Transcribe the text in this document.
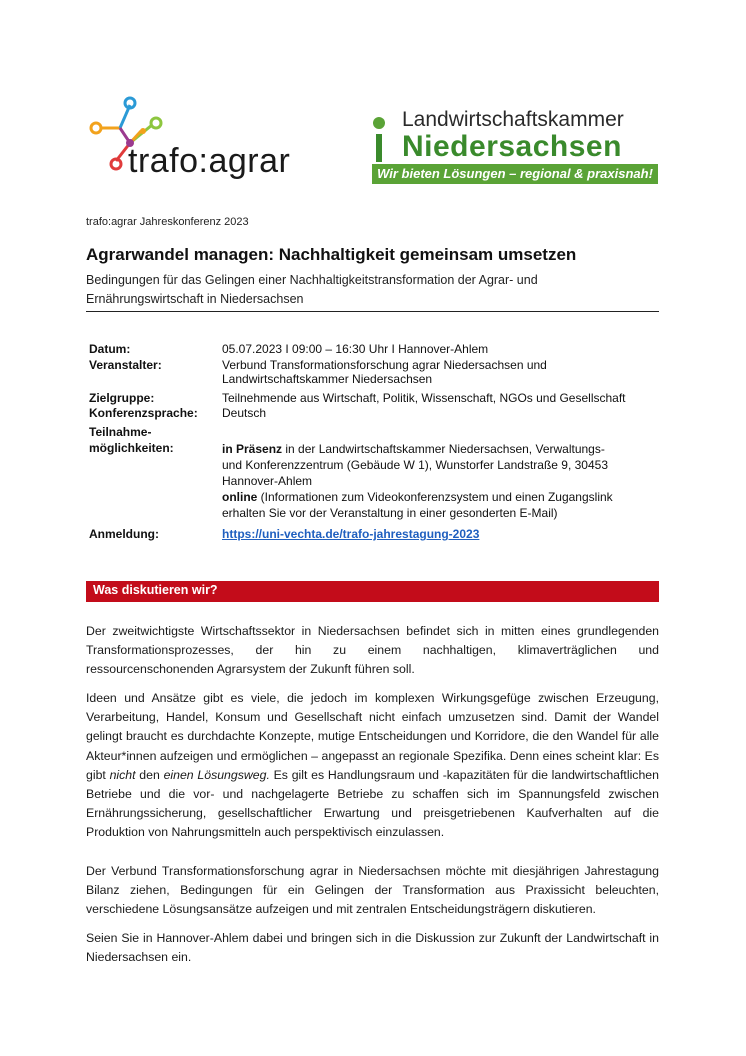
trafo:agrar
Landwirtschaftskammer
Niedersachsen
Wir bieten Lösungen – regional & praxisnah!
trafo:agrar Jahreskonferenz 2023
Agrarwandel managen: Nachhaltigkeit gemeinsam umsetzen
Bedingungen für das Gelingen einer Nachhaltigkeitstransformation der Agrar- und
Ernährungswirtschaft in Niedersachsen
Datum:	05.07.2023 I 09:00 – 16:30 Uhr I Hannover-Ahlem
Veranstalter:	Verbund Transformationsforschung agrar Niedersachsen und
Landwirtschaftskammer Niedersachsen
Zielgruppe:	Teilnehmende aus Wirtschaft, Politik, Wissenschaft, NGOs und Gesellschaft
Konferenzsprache: Deutsch
Teilnahme-
möglichkeiten:	in Präsenz in der Landwirtschaftskammer Niedersachsen, Verwaltungs-
und Konferenzzentrum (Gebäude W 1), Wunstorfer Landstraße 9, 30453
Hannover-Ahlem
online (Informationen zum Videokonferenzsystem und einen Zugangslink
erhalten Sie vor der Veranstaltung in einer gesonderten E-Mail)
Anmeldung:	https://uni-vechta.de/trafo-jahrestagung-2023
Was diskutieren wir?
Der zweitwichtigste Wirtschaftssektor in Niedersachsen befindet sich in mitten eines grundlegenden Transformationsprozesses, der hin zu einem nachhaltigen, klimaverträglichen und ressourcenschonenden Agrarsystem der Zukunft führen soll.
Ideen und Ansätze gibt es viele, die jedoch im komplexen Wirkungsgefüge zwischen Erzeugung, Verarbeitung, Handel, Konsum und Gesellschaft nicht einfach umzusetzen sind. Damit der Wandel gelingt braucht es durchdachte Konzepte, mutige Entscheidungen und Korridore, die den Wandel für alle Akteur*innen aufzeigen und ermöglichen – angepasst an regionale Spezifika. Denn eines scheint klar: Es gibt nicht den einen Lösungsweg. Es gilt es Handlungsraum und -kapazitäten für die landwirtschaftlichen Betriebe und die vor- und nachgelagerte Betriebe zu schaffen sich im Spannungsfeld zwischen Ernährungssicherung, gesellschaftlicher Erwartung und preisgetriebenen Kaufverhalten auf die Produktion von Nahrungsmitteln auch perspektivisch einzulassen.
Der Verbund Transformationsforschung agrar in Niedersachsen möchte mit diesjährigen Jahrestagung Bilanz ziehen, Bedingungen für ein Gelingen der Transformation aus Praxissicht beleuchten, verschiedene Lösungsansätze aufzeigen und mit zentralen Entscheidungsträgern diskutieren.
Seien Sie in Hannover-Ahlem dabei und bringen sich in die Diskussion zur Zukunft der Landwirtschaft in Niedersachsen ein.
